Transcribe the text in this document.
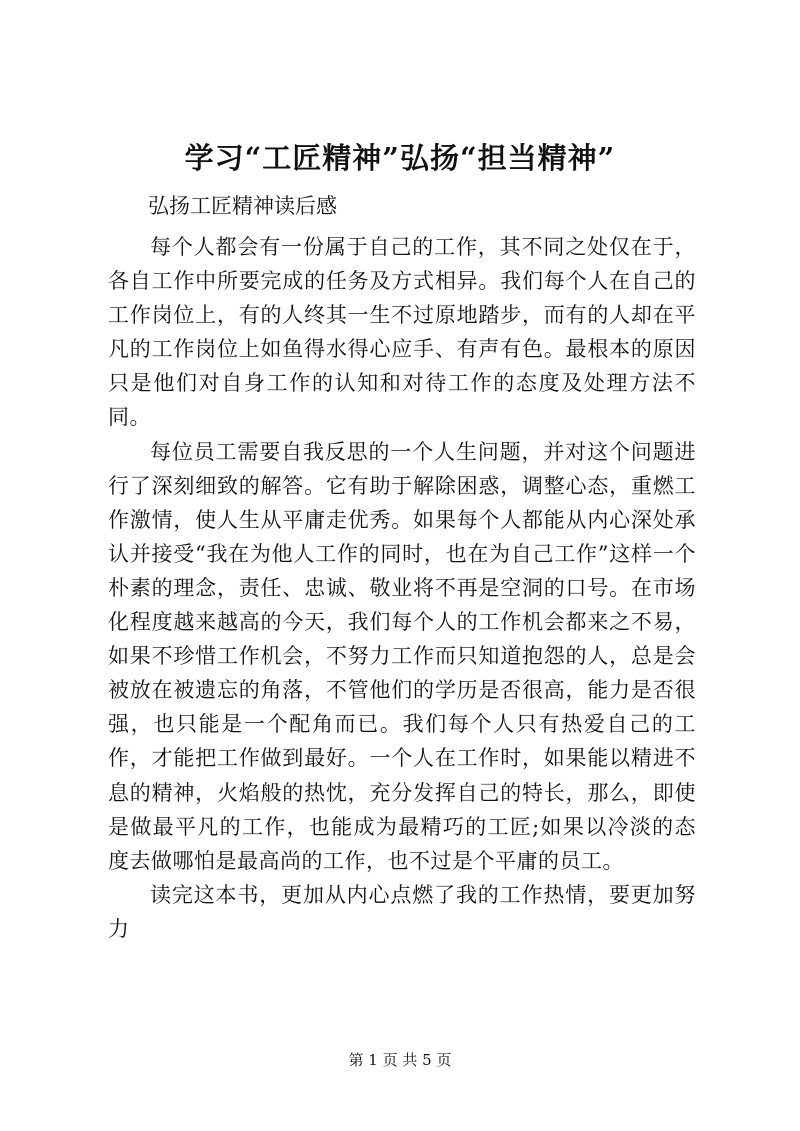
学习“工匠精神”弘扬“担当精神”
弘扬工匠精神读后感

每个人都会有一份属于自己的工作，其不同之处仅在于，各自工作中所要完成的任务及方式相异。我们每个人在自己的工作岗位上，有的人终其一生不过原地踏步，而有的人却在平凡的工作岗位上如鱼得水得心应手、有声有色。最根本的原因只是他们对自身工作的认知和对待工作的态度及处理方法不同。

每位员工需要自我反思的一个人生问题，并对这个问题进行了深刻细致的解答。它有助于解除困惑，调整心态，重燃工作激情，使人生从平庸走优秀。如果每个人都能从内心深处承认并接受“我在为他人工作的同时，也在为自己工作”这样一个朴素的理念，责任、忠诚、敬业将不再是空洞的口号。在市场化程度越来越高的今天，我们每个人的工作机会都来之不易，如果不珍惜工作机会，不努力工作而只知道抱怨的人，总是会被放在被遗忘的角落，不管他们的学历是否很高，能力是否很强，也只能是一个配角而已。我们每个人只有热爱自己的工作，才能把工作做到最好。一个人在工作时，如果能以精进不息的精神，火焰般的热忱，充分发挥自己的特长，那么，即使是做最平凡的工作，也能成为最精巧的工匠;如果以冷淡的态度去做哪怕是最高尚的工作，也不过是个平庸的员工。

读完这本书，更加从内心点燃了我的工作热情，要更加努力

第 1 页 共 5 页
